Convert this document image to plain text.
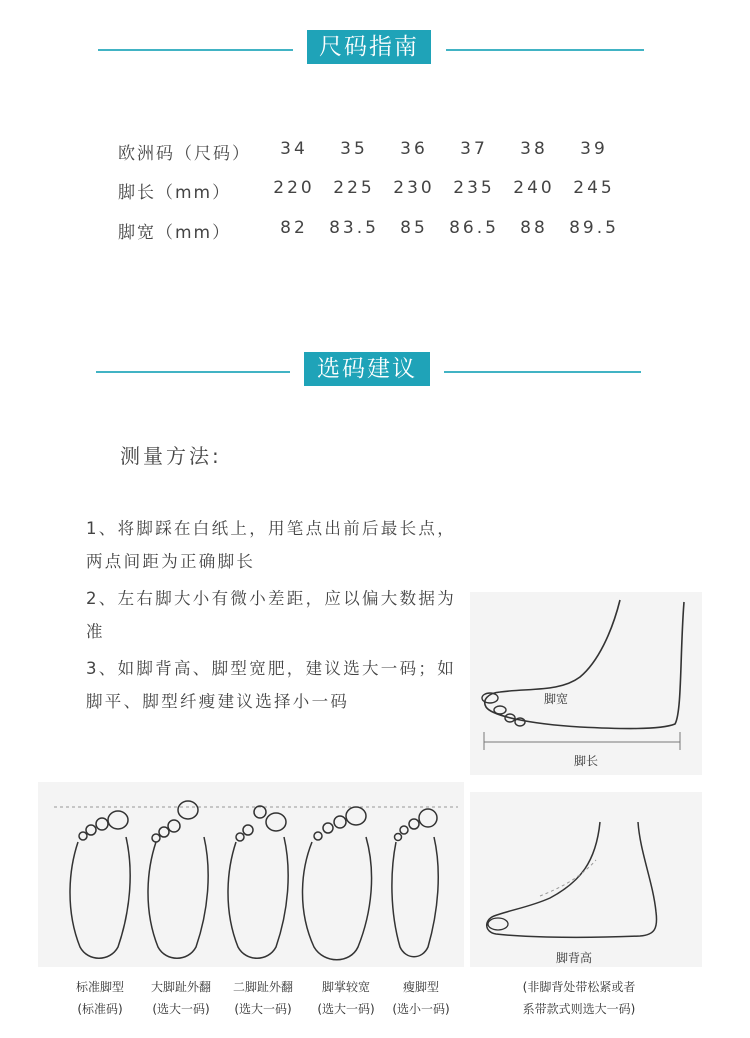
尺码指南
欧洲码（尺码）	34	35	36	37	38	39
脚长（mm）	220	225	230	235	240	245
脚宽（mm）	82	83.5	85	86.5	88	89.5
选码建议
测量方法:
1、将脚踩在白纸上，用笔点出前后最长点，两点间距为正确脚长
2、左右脚大小有微小差距，应以偏大数据为准
3、如脚背高、脚型宽肥，建议选大一码；如脚平、脚型纤瘦建议选择小一码	脚宽
脚长
脚背高
标准脚型
(标准码)
大脚趾外翻
(选大一码)
二脚趾外翻
(选大一码)
脚掌较宽
(选大一码)
瘦脚型
(选小一码)
(非脚背处带松紧或者
系带款式则选大一码)
